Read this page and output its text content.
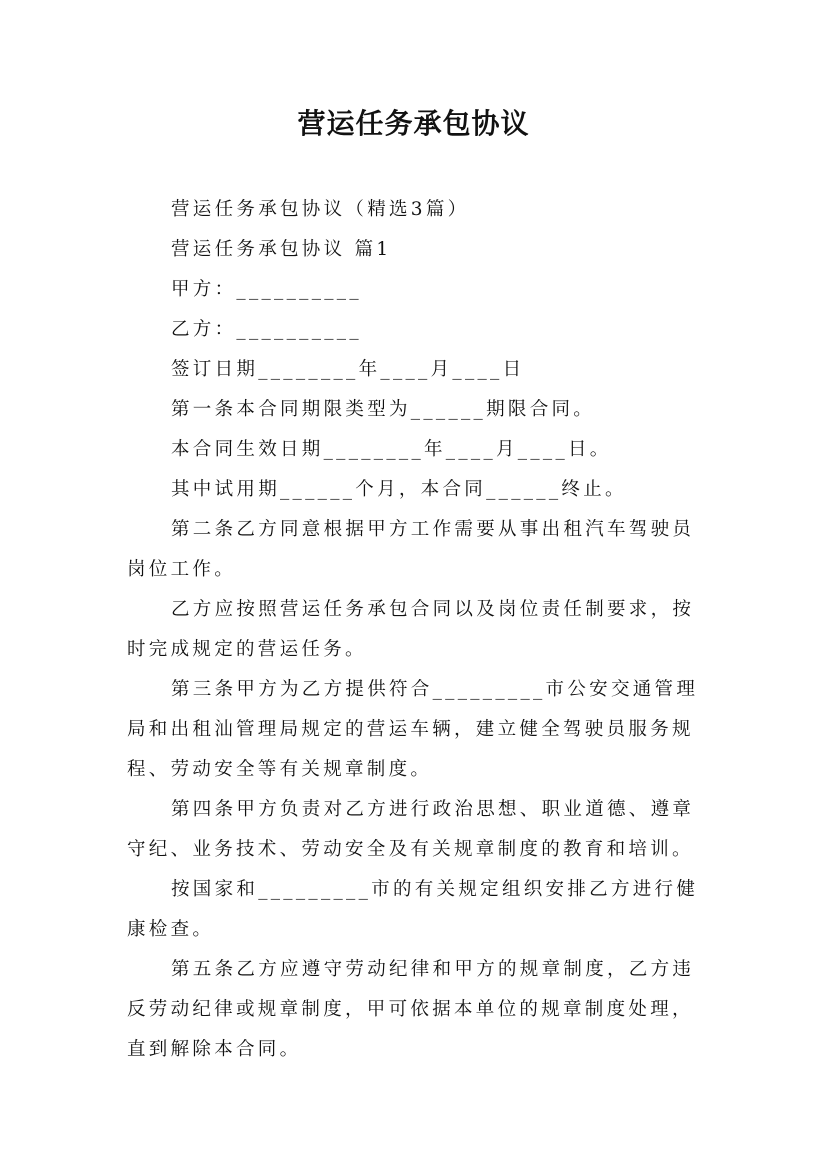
营运任务承包协议

营运任务承包协议（精选3篇）

营运任务承包协议 篇1

甲方：__________

乙方：__________

签订日期________年____月____日

第一条本合同期限类型为______期限合同。

本合同生效日期________年____月____日。

其中试用期______个月，本合同______终止。

第二条乙方同意根据甲方工作需要从事出租汽车驾驶员岗位工作。

乙方应按照营运任务承包合同以及岗位责任制要求，按时完成规定的营运任务。

第三条甲方为乙方提供符合_________市公安交通管理局和出租汕管理局规定的营运车辆，建立健全驾驶员服务规程、劳动安全等有关规章制度。

第四条甲方负责对乙方进行政治思想、职业道德、遵章守纪、业务技术、劳动安全及有关规章制度的教育和培训。

按国家和_________市的有关规定组织安排乙方进行健康检查。

第五条乙方应遵守劳动纪律和甲方的规章制度，乙方违反劳动纪律或规章制度，甲可依据本单位的规章制度处理，直到解除本合同。
